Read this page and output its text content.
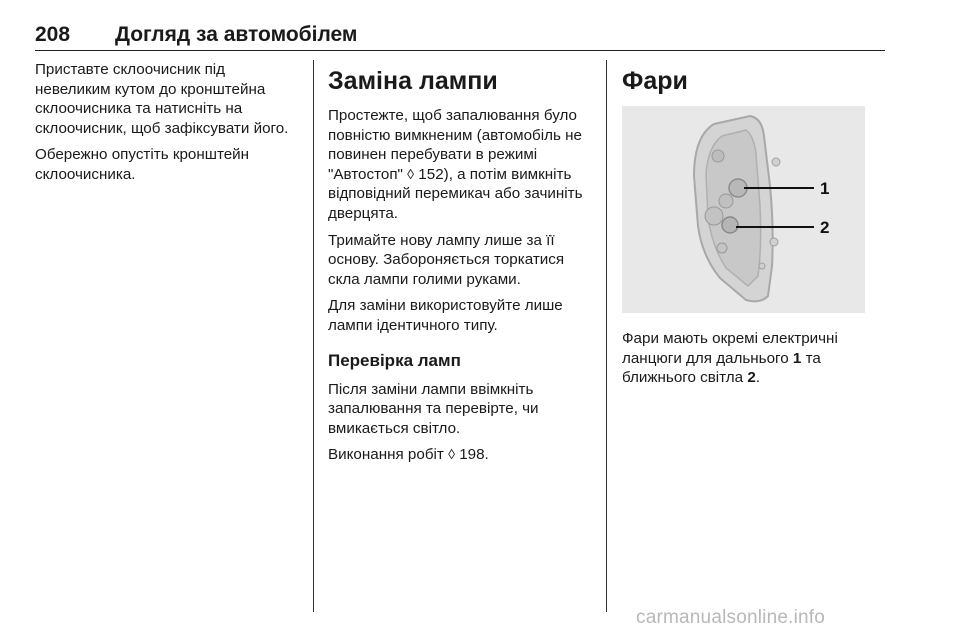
208	Догляд за автомобілем

Приставте склоочисник під невеликим кутом до кронштейна склоочисника та натисніть на склоочисник, щоб зафіксувати його.

Обережно опустіть кронштейн склоочисника.

Заміна лампи

Простежте, щоб запалювання було повністю вимкненим (автомобіль не повинен перебувати в режимі "Автостоп" ◊ 152), а потім вимкніть відповідний перемикач або зачиніть дверцята.

Тримайте нову лампу лише за її основу. Забороняється торкатися скла лампи голими руками.

Для заміни використовуйте лише лампи ідентичного типу.

Перевірка ламп

Після заміни лампи ввімкніть запалювання та перевірте, чи вмикається світло.

Виконання робіт ◊ 198.

Фари
1
2

Фари мають окремі електричні ланцюги для дальнього 1 та ближнього світла 2.

carmanualsonline.info
